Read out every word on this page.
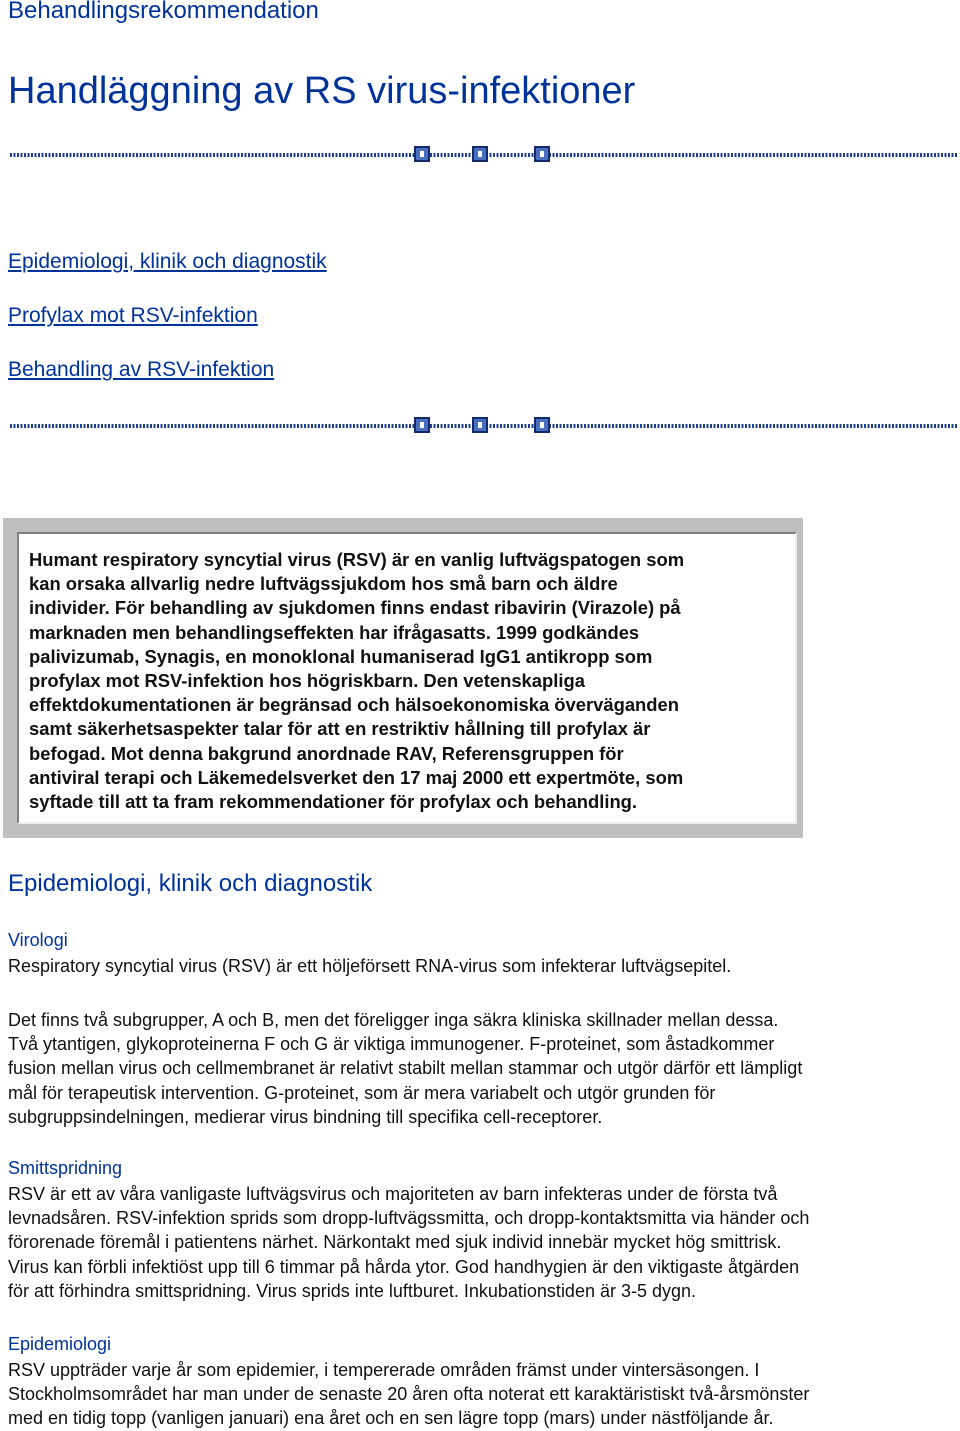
Behandlingsrekommendation
Handläggning av RS virus-infektioner
Epidemiologi, klinik och diagnostik
Profylax mot RSV-infektion
Behandling av RSV-infektion
Humant respiratory syncytial virus (RSV) är en vanlig luftvägspatogen som
kan orsaka allvarlig nedre luftvägssjukdom hos små barn och äldre
individer. För behandling av sjukdomen finns endast ribavirin (Virazole) på
marknaden men behandlingseffekten har ifrågasatts. 1999 godkändes
palivizumab, Synagis, en monoklonal humaniserad IgG1 antikropp som
profylax mot RSV-infektion hos högriskbarn. Den vetenskapliga
effektdokumentationen är begränsad och hälsoekonomiska överväganden
samt säkerhetsaspekter talar för att en restriktiv hållning till profylax är
befogad. Mot denna bakgrund anordnade RAV, Referensgruppen för
antiviral terapi och Läkemedelsverket den 17 maj 2000 ett expertmöte, som
syftade till att ta fram rekommendationer för profylax och behandling.
Epidemiologi, klinik och diagnostik
Virologi
Respiratory syncytial virus (RSV) är ett höljeförsett RNA-virus som infekterar luftvägsepitel.
Det finns två subgrupper, A och B, men det föreligger inga säkra kliniska skillnader mellan dessa.
Två ytantigen, glykoproteinerna F och G är viktiga immunogener. F-proteinet, som åstadkommer
fusion mellan virus och cellmembranet är relativt stabilt mellan stammar och utgör därför ett lämpligt
mål för terapeutisk intervention. G-proteinet, som är mera variabelt och utgör grunden för
subgruppsindelningen, medierar virus bindning till specifika cell-receptorer.
Smittspridning
RSV är ett av våra vanligaste luftvägsvirus och majoriteten av barn infekteras under de första två
levnadsåren. RSV-infektion sprids som dropp-luftvägssmitta, och dropp-kontaktsmitta via händer och
förorenade föremål i patientens närhet. Närkontakt med sjuk individ innebär mycket hög smittrisk.
Virus kan förbli infektiöst upp till 6 timmar på hårda ytor. God handhygien är den viktigaste åtgärden
för att förhindra smittspridning. Virus sprids inte luftburet. Inkubationstiden är 3-5 dygn.
Epidemiologi
RSV uppträder varje år som epidemier, i tempererade områden främst under vintersäsongen. I
Stockholmsområdet har man under de senaste 20 åren ofta noterat ett karaktäristiskt två-årsmönster
med en tidig topp (vanligen januari) ena året och en sen lägre topp (mars) under nästföljande år.
